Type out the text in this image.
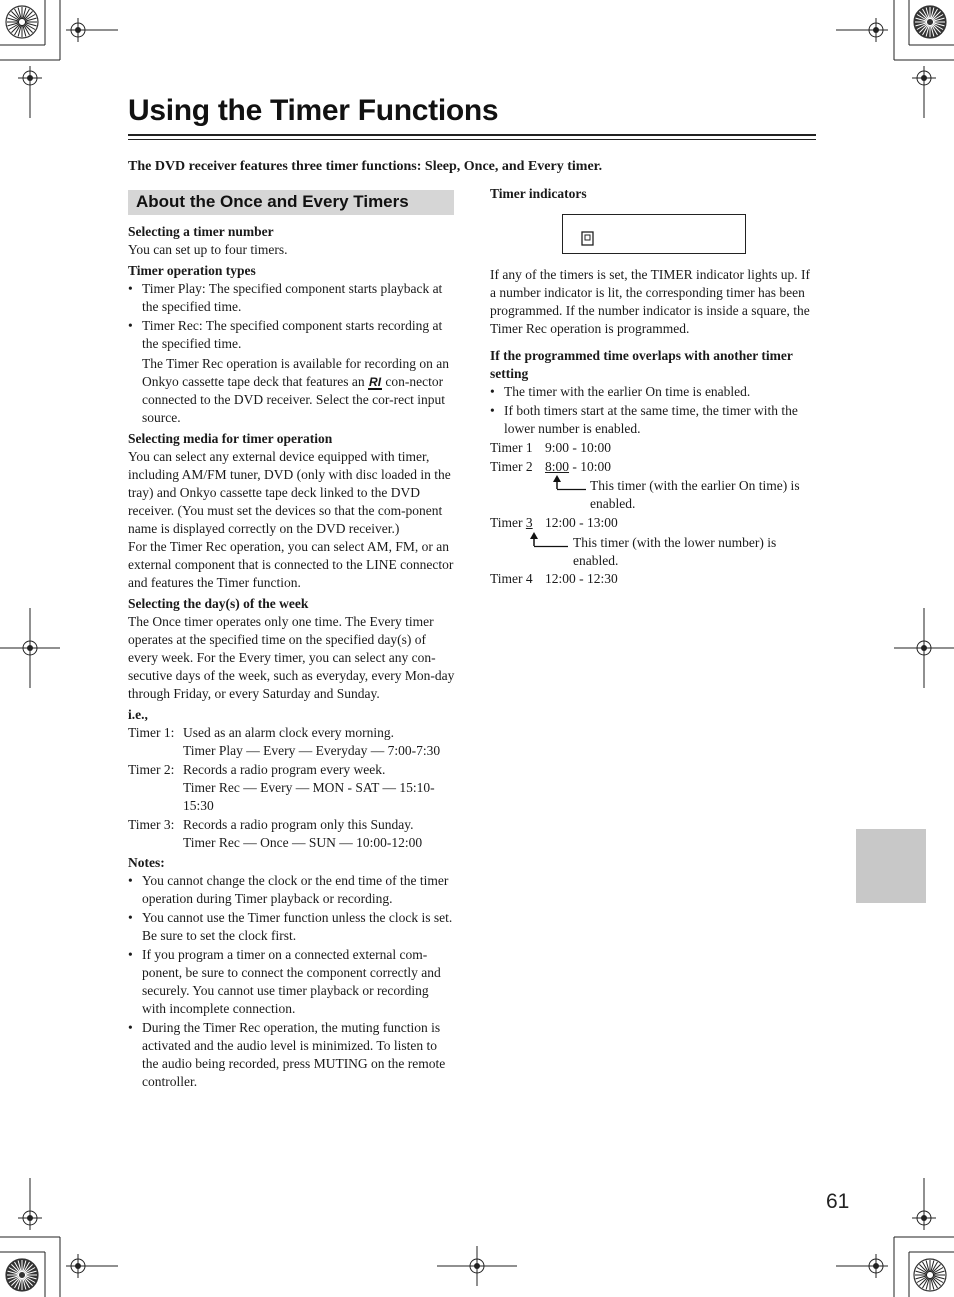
Using the Timer Functions
The DVD receiver features three timer functions: Sleep, Once, and Every timer.
About the Once and Every Timers

Selecting a timer number

You can set up to four timers.

Timer operation types

• Timer Play: The specified component starts playback at the specified time.
• Timer Rec: The specified component starts recording at the specified time.

The Timer Rec operation is available for recording on an Onkyo cassette tape deck that features an RI con-nector connected to the DVD receiver. Select the cor-rect input source.

Selecting media for timer operation

You can select any external device equipped with timer, including AM/FM tuner, DVD (only with disc loaded in the tray) and Onkyo cassette tape deck linked to the DVD receiver. (You must set the devices so that the com-ponent name is displayed correctly on the DVD receiver.)

For the Timer Rec operation, you can select AM, FM, or an external component that is connected to the LINE connector and features the Timer function.

Selecting the day(s) of the week

The Once timer operates only one time. The Every timer operates at the specified time on the specified day(s) of every week. For the Every timer, you can select any con-secutive days of the week, such as everyday, every Mon-day through Friday, or every Saturday and Sunday.

i.e.,

Timer 1: Used as an alarm clock every morning.
Timer Play — Every — Everyday — 7:00-7:30
Timer 2: Records a radio program every week.
Timer Rec — Every — MON - SAT — 15:10-15:30
Timer 3: Records a radio program only this Sunday.
Timer Rec — Once — SUN — 10:00-12:00

Notes:

• You cannot change the clock or the end time of the timer operation during Timer playback or recording.
• You cannot use the Timer function unless the clock is set. Be sure to set the clock first.
• If you program a timer on a connected external com-ponent, be sure to connect the component correctly and securely. You cannot use timer playback or recording with incomplete connection.
• During the Timer Rec operation, the muting function is activated and the audio level is minimized. To listen to the audio being recorded, press MUTING on the remote controller.
Timer indicators

If any of the timers is set, the TIMER indicator lights up. If a number indicator is lit, the corresponding timer has been programmed. If the number indicator is inside a square, the Timer Rec operation is programmed.

If the programmed time overlaps with another timer setting

• The timer with the earlier On time is enabled.
• If both timers start at the same time, the timer with the lower number is enabled.
Timer 1 9:00 - 10:00
Timer 2 8:00 - 10:00
This timer (with the earlier On time) is enabled.
Timer 3 12:00 - 13:00
This timer (with the lower number) is enabled.
Timer 4 12:00 - 12:30
61
